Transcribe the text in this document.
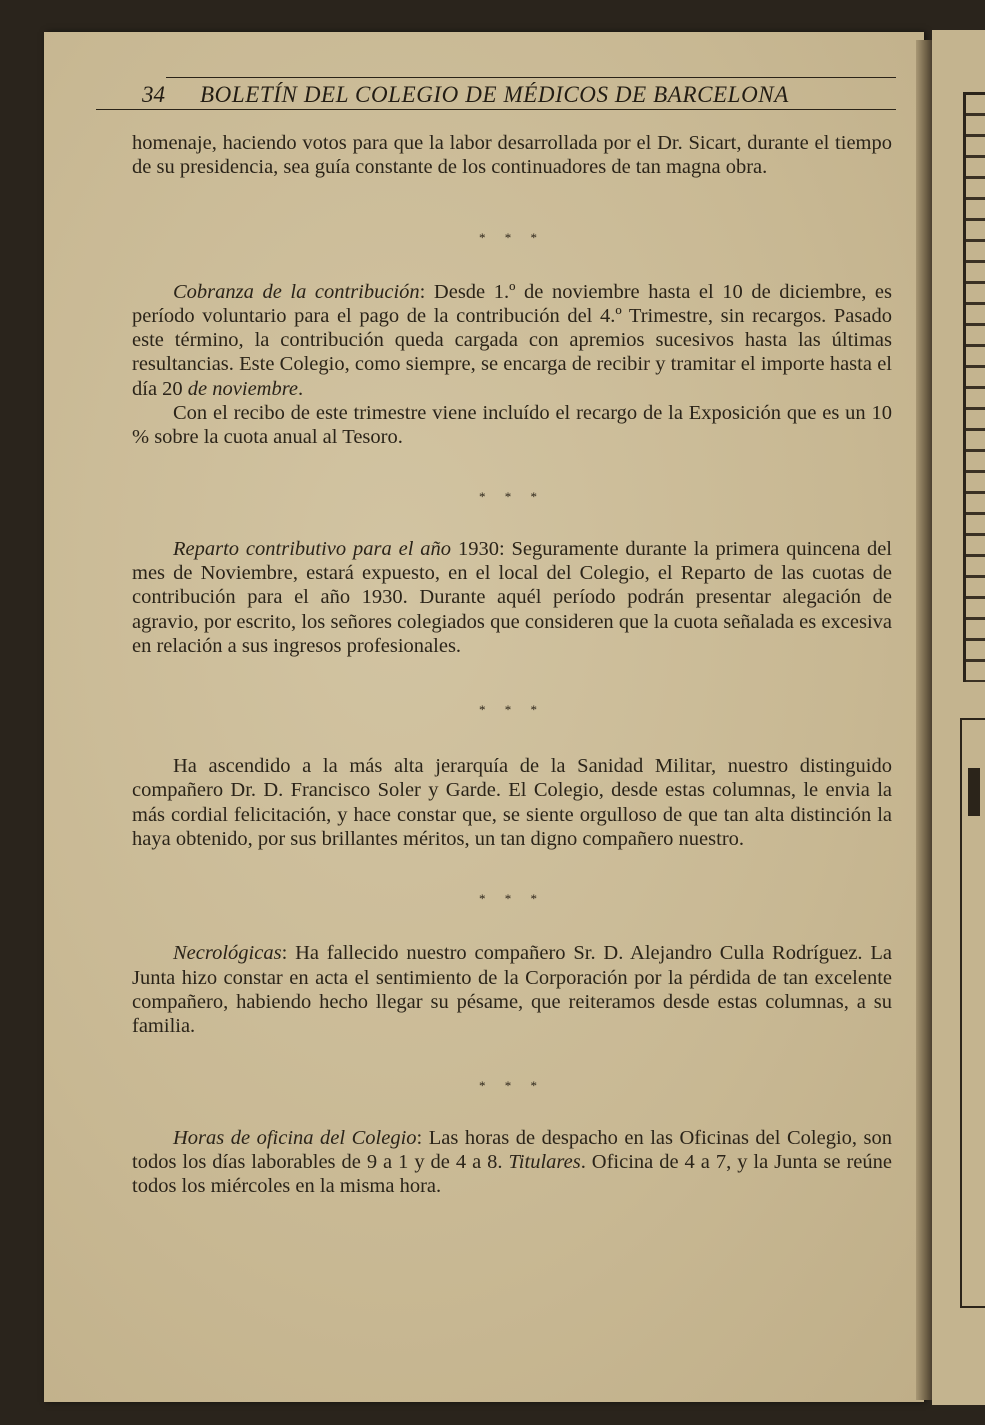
34 BOLETÍN DEL COLEGIO DE MÉDICOS DE BARCELONA

homenaje, haciendo votos para que la labor desarrollada por el Dr. Sicart, durante el tiempo de su presidencia, sea guía constante de los continuadores de tan magna obra.

* * *

Cobranza de la contribución: Desde 1.º de noviembre hasta el 10 de diciembre, es período voluntario para el pago de la contribución del 4.º Trimestre, sin recargos. Pasado este término, la contribución queda cargada con apremios sucesivos hasta las últimas resultancias. Este Colegio, como siempre, se encarga de recibir y tramitar el importe hasta el día 20 de noviembre.

Con el recibo de este trimestre viene incluído el recargo de la Exposición que es un 10 % sobre la cuota anual al Tesoro.

* * *

Reparto contributivo para el año 1930: Seguramente durante la primera quincena del mes de Noviembre, estará expuesto, en el local del Colegio, el Reparto de las cuotas de contribución para el año 1930. Durante aquél período podrán presentar alegación de agravio, por escrito, los señores colegiados que consideren que la cuota señalada es excesiva en relación a sus ingresos profesionales.

* * *

Ha ascendido a la más alta jerarquía de la Sanidad Militar, nuestro distinguido compañero Dr. D. Francisco Soler y Garde. El Colegio, desde estas columnas, le envia la más cordial felicitación, y hace constar que, se siente orgulloso de que tan alta distinción la haya obtenido, por sus brillantes méritos, un tan digno compañero nuestro.

* * *

Necrológicas: Ha fallecido nuestro compañero Sr. D. Alejandro Culla Rodríguez. La Junta hizo constar en acta el sentimiento de la Corporación por la pérdida de tan excelente compañero, habiendo hecho llegar su pésame, que reiteramos desde estas columnas, a su familia.

* * *

Horas de oficina del Colegio: Las horas de despacho en las Oficinas del Colegio, son todos los días laborables de 9 a 1 y de 4 a 8. Titulares. Oficina de 4 a 7, y la Junta se reúne todos los miércoles en la misma hora.
